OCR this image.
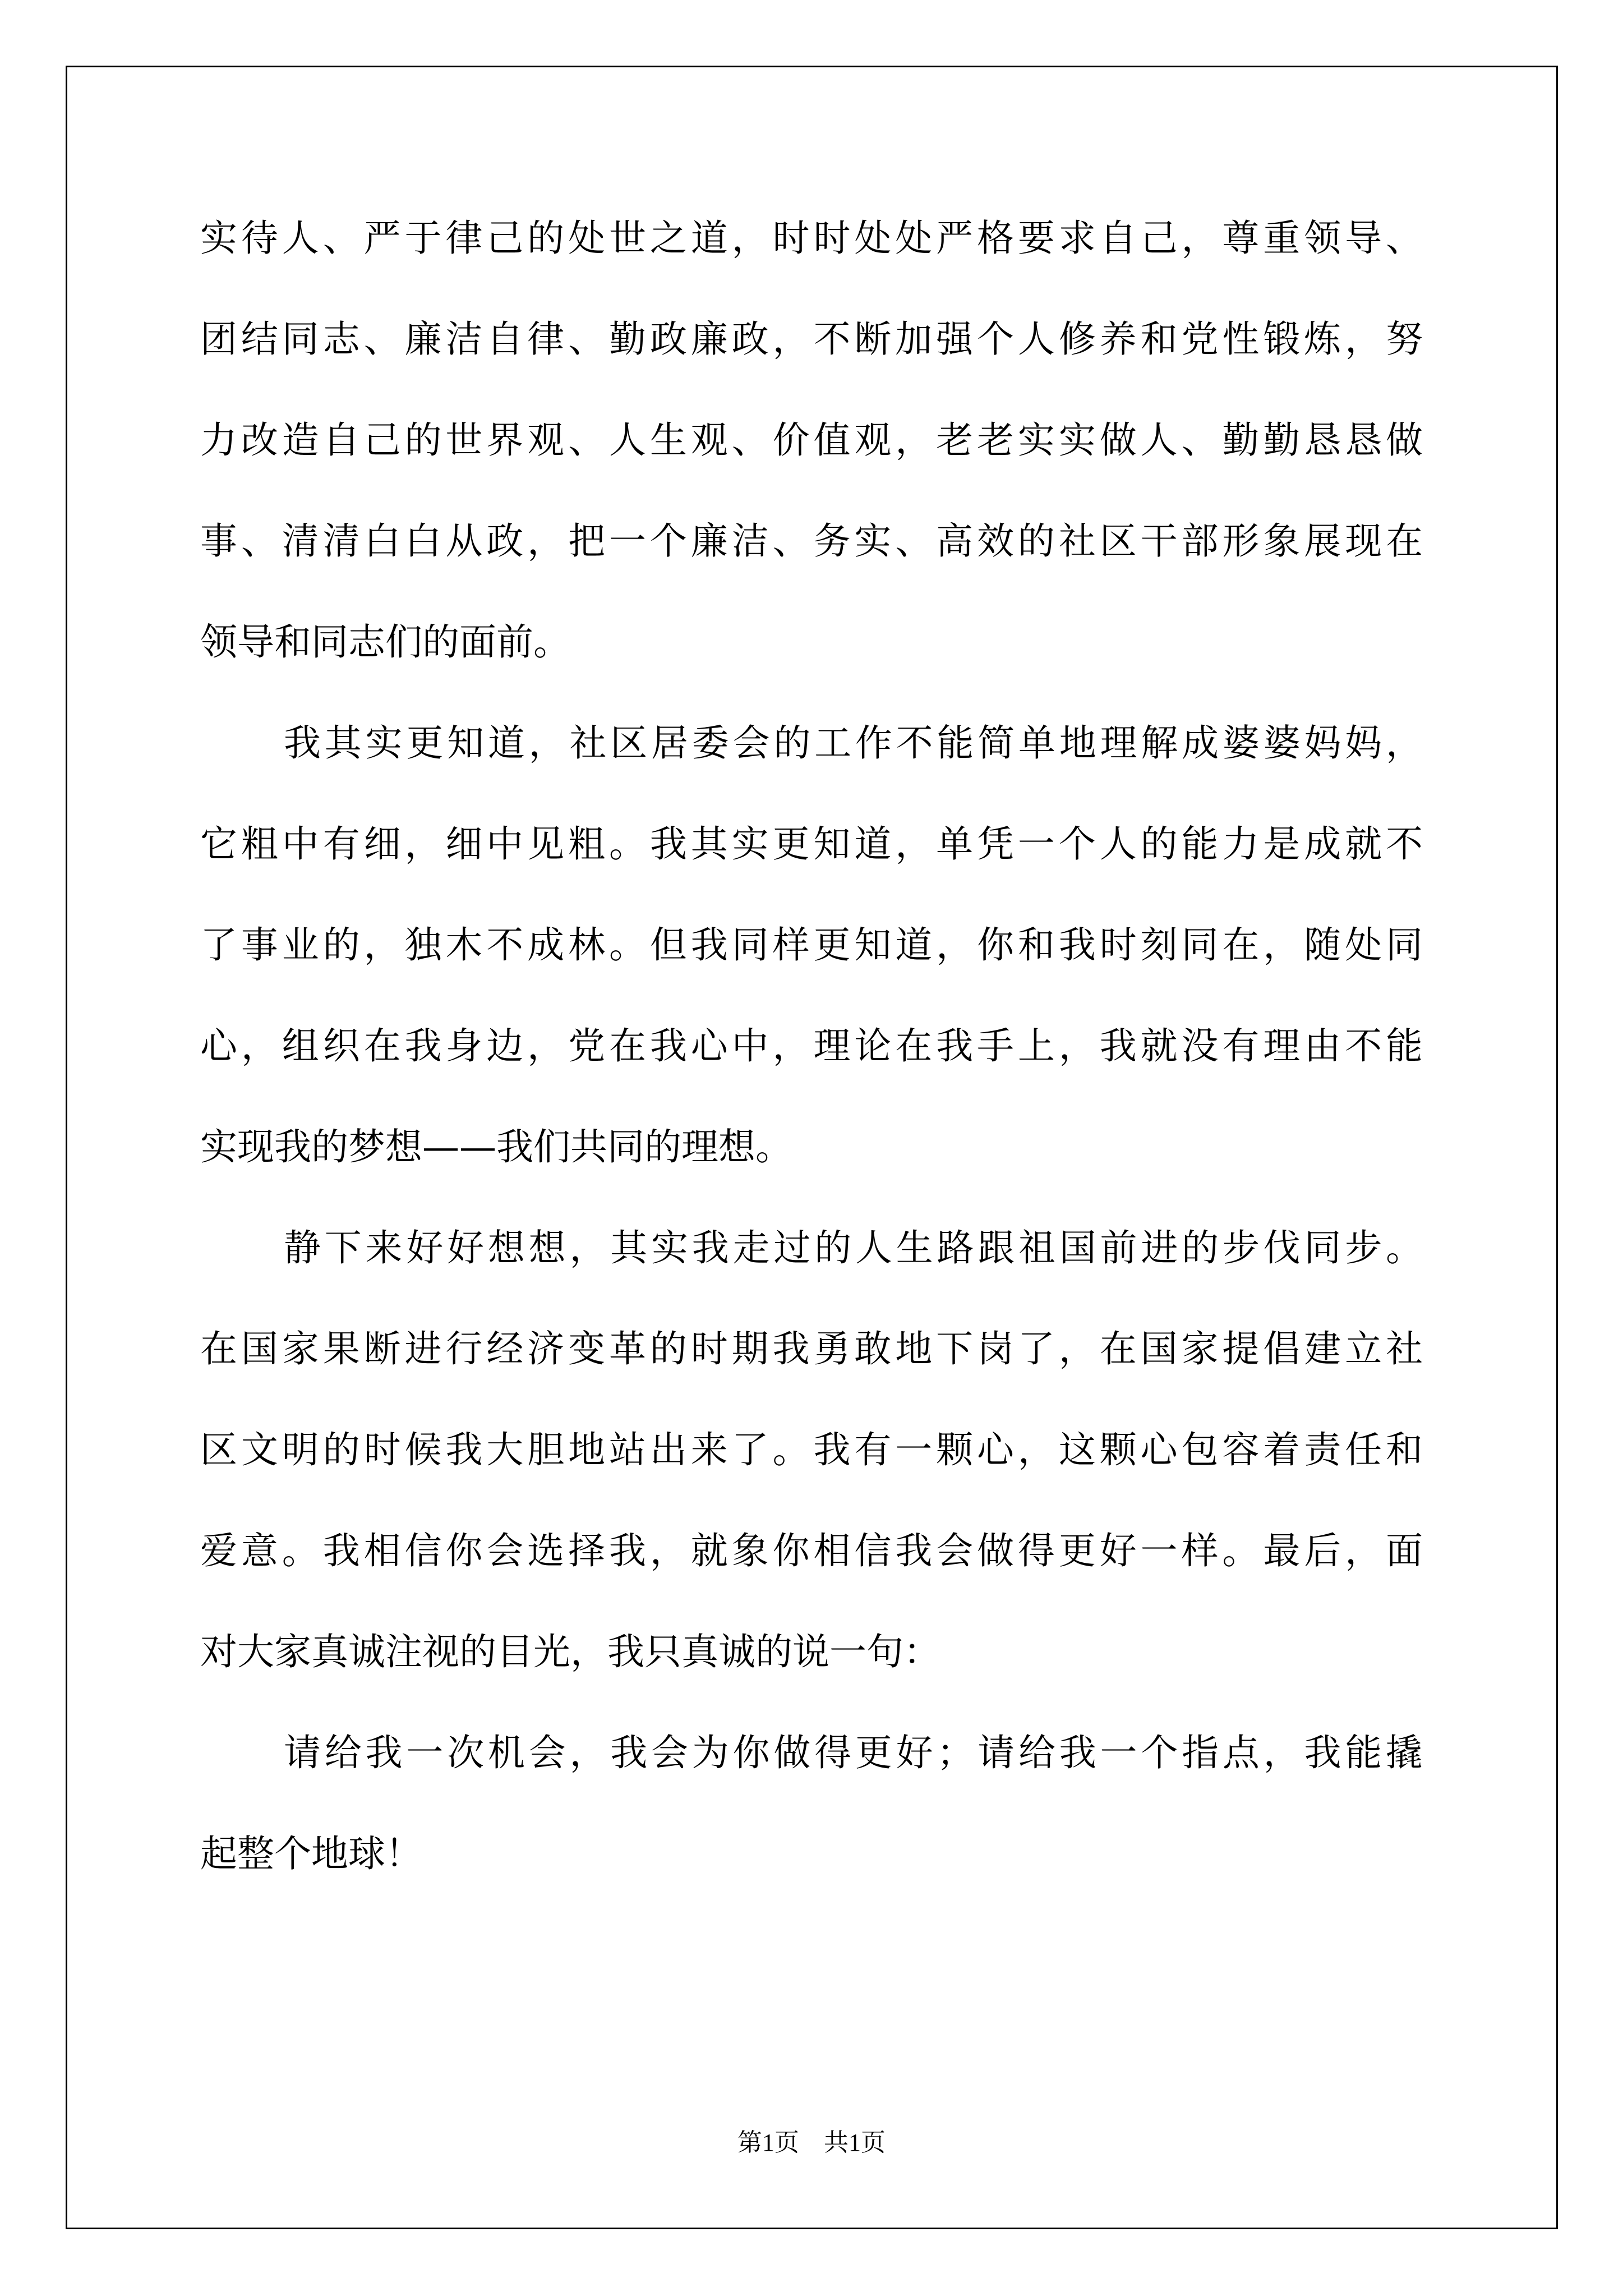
实待人、严于律己的处世之道，时时处处严格要求自己，尊重领导、
团结同志、廉洁自律、勤政廉政，不断加强个人修养和党性锻炼，努
力改造自己的世界观、人生观、价值观，老老实实做人、勤勤恳恳做
事、清清白白从政，把一个廉洁、务实、高效的社区干部形象展现在
领导和同志们的面前。
我其实更知道，社区居委会的工作不能简单地理解成婆婆妈妈，
它粗中有细，细中见粗。我其实更知道，单凭一个人的能力是成就不
了事业的，独木不成林。但我同样更知道，你和我时刻同在，随处同
心，组织在我身边，党在我心中，理论在我手上，我就没有理由不能
实现我的梦想——我们共同的理想。
静下来好好想想，其实我走过的人生路跟祖国前进的步伐同步。
在国家果断进行经济变革的时期我勇敢地下岗了，在国家提倡建立社
区文明的时候我大胆地站出来了。我有一颗心，这颗心包容着责任和
爱意。我相信你会选择我，就象你相信我会做得更好一样。最后，面
对大家真诚注视的目光，我只真诚的说一句：
请给我一次机会，我会为你做得更好；请给我一个指点，我能撬
起整个地球！
第1页　共1页
